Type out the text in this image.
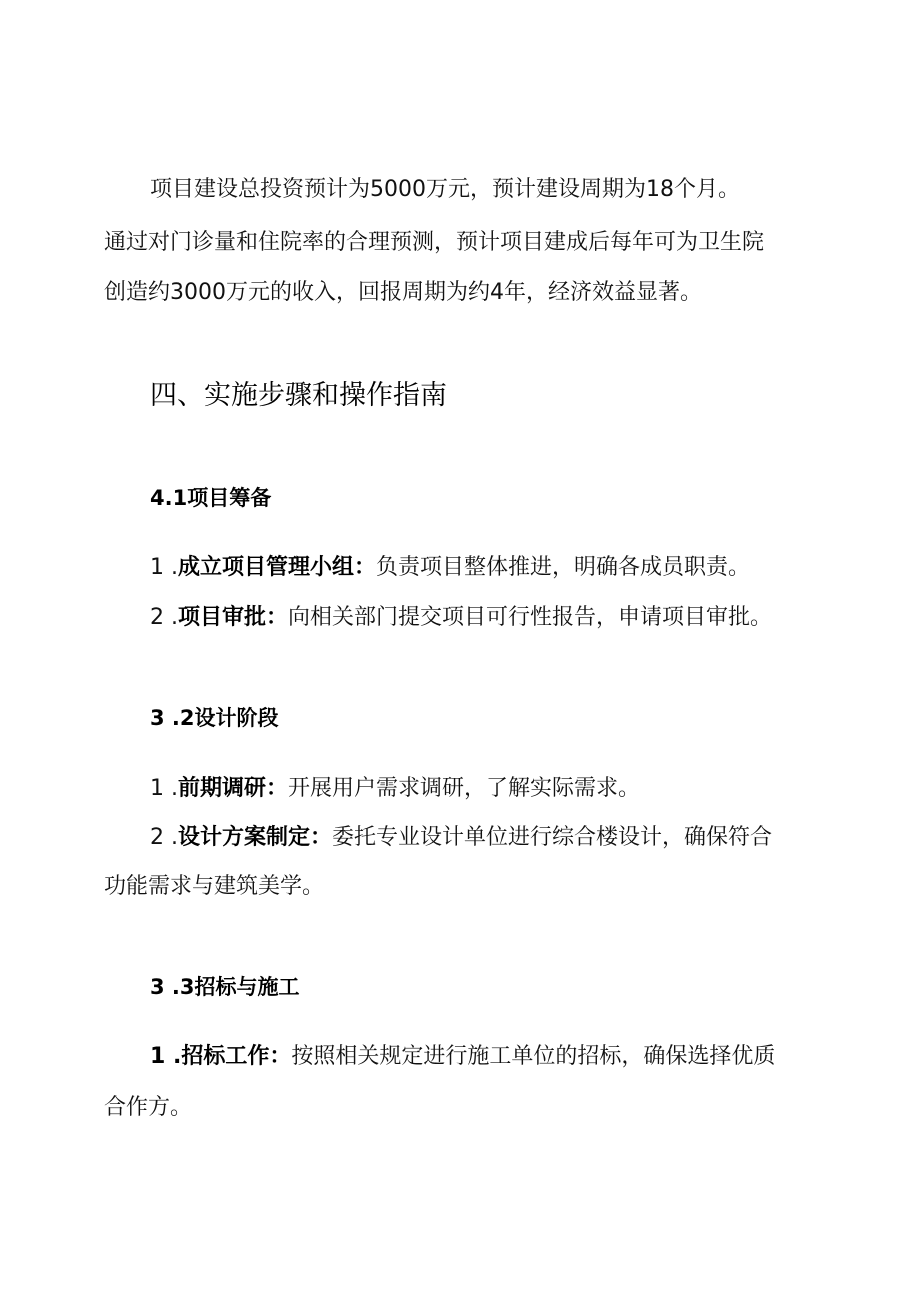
项目建设总投资预计为5000万元，预计建设周期为18个月。
通过对门诊量和住院率的合理预测，预计项目建成后每年可为卫生院
创造约3000万元的收入，回报周期为约4年，经济效益显著。
四、实施步骤和操作指南
4.1项目筹备
1 .成立项目管理小组：负责项目整体推进，明确各成员职责。
2 .项目审批：向相关部门提交项目可行性报告，申请项目审批。
3 .2设计阶段
1 .前期调研：开展用户需求调研，了解实际需求。
2 .设计方案制定：委托专业设计单位进行综合楼设计，确保符合
功能需求与建筑美学。
3 .3招标与施工
1 .招标工作：按照相关规定进行施工单位的招标，确保选择优质
合作方。
